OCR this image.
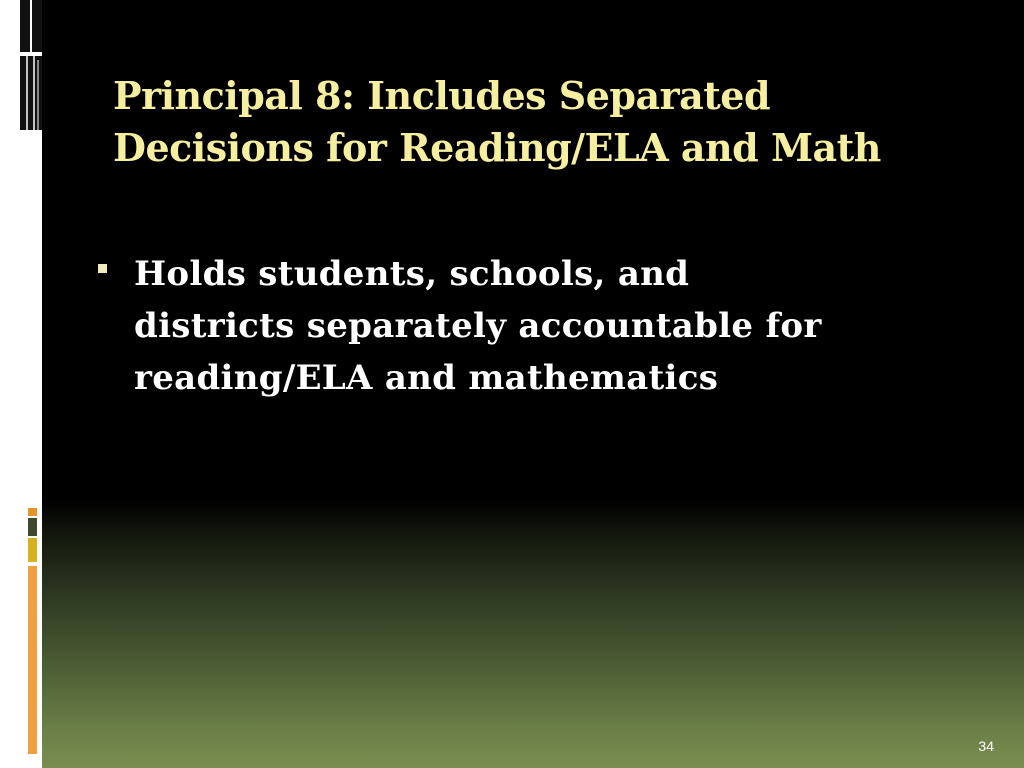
Principal 8: Includes Separated
Decisions for Reading/ELA and Math
Holds students, schools, and
districts separately accountable for
reading/ELA and mathematics
34
